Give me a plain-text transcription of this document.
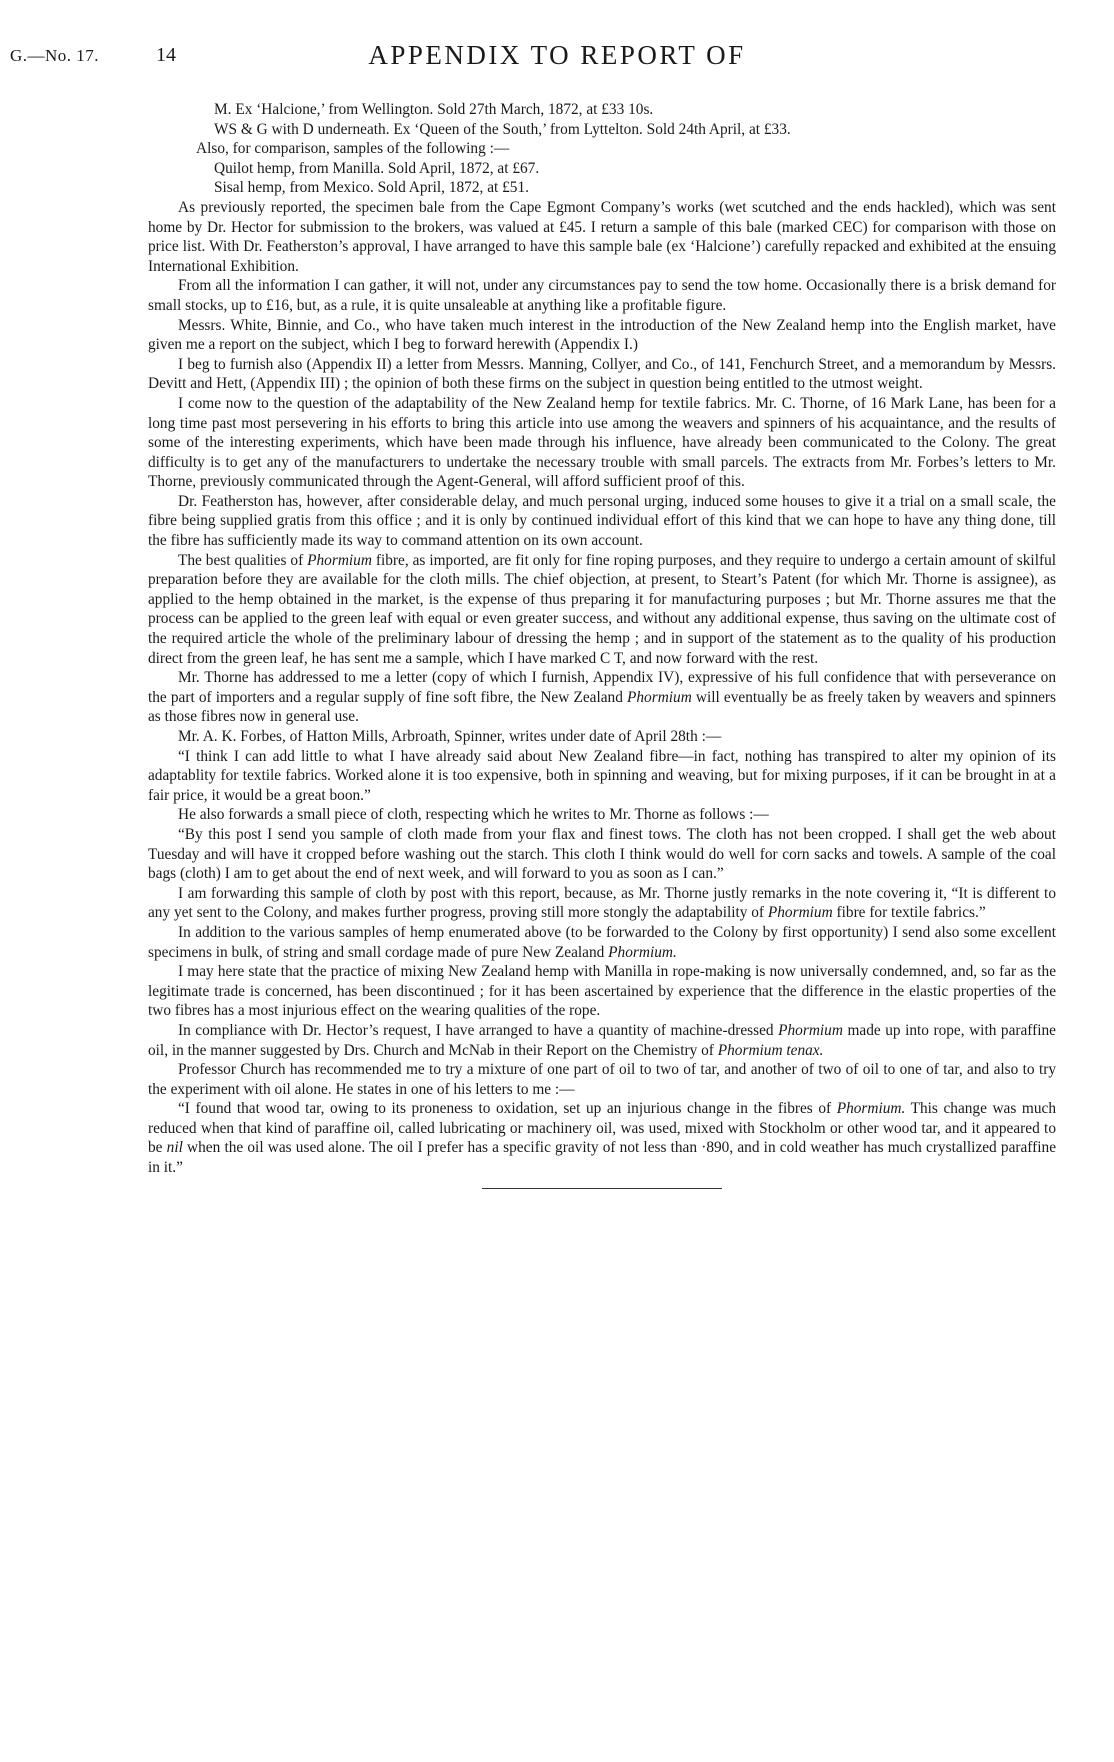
G.—No. 17.	14	APPENDIX TO REPORT OF

M. Ex ‘Halcione,’ from Wellington. Sold 27th March, 1872, at £33 10s.

WS & G with D underneath. Ex ‘Queen of the South,’ from Lyttelton. Sold 24th April, at £33.

Also, for comparison, samples of the following :—

Quilot hemp, from Manilla. Sold April, 1872, at £67.

Sisal hemp, from Mexico. Sold April, 1872, at £51.

As previously reported, the specimen bale from the Cape Egmont Company’s works (wet scutched and the ends hackled), which was sent home by Dr. Hector for submission to the brokers, was valued at £45. I return a sample of this bale (marked CEC) for comparison with those on price list. With Dr. Featherston’s approval, I have arranged to have this sample bale (ex ‘Halcione’) carefully repacked and exhibited at the ensuing International Exhibition.

From all the information I can gather, it will not, under any circumstances pay to send the tow home. Occasionally there is a brisk demand for small stocks, up to £16, but, as a rule, it is quite unsaleable at anything like a profitable figure.

Messrs. White, Binnie, and Co., who have taken much interest in the introduction of the New Zealand hemp into the English market, have given me a report on the subject, which I beg to forward herewith (Appendix I.)

I beg to furnish also (Appendix II) a letter from Messrs. Manning, Collyer, and Co., of 141, Fenchurch Street, and a memorandum by Messrs. Devitt and Hett, (Appendix III) ; the opinion of both these firms on the subject in question being entitled to the utmost weight.

I come now to the question of the adaptability of the New Zealand hemp for textile fabrics. Mr. C. Thorne, of 16 Mark Lane, has been for a long time past most persevering in his efforts to bring this article into use among the weavers and spinners of his acquaintance, and the results of some of the interesting experiments, which have been made through his influence, have already been communicated to the Colony. The great difficulty is to get any of the manufacturers to undertake the necessary trouble with small parcels. The extracts from Mr. Forbes’s letters to Mr. Thorne, previously communicated through the Agent-General, will afford sufficient proof of this.

Dr. Featherston has, however, after considerable delay, and much personal urging, induced some houses to give it a trial on a small scale, the fibre being supplied gratis from this office ; and it is only by continued individual effort of this kind that we can hope to have any thing done, till the fibre has sufficiently made its way to command attention on its own account.

The best qualities of Phormium fibre, as imported, are fit only for fine roping purposes, and they require to undergo a certain amount of skilful preparation before they are available for the cloth mills. The chief objection, at present, to Steart’s Patent (for which Mr. Thorne is assignee), as applied to the hemp obtained in the market, is the expense of thus preparing it for manufacturing purposes ; but Mr. Thorne assures me that the process can be applied to the green leaf with equal or even greater success, and without any additional expense, thus saving on the ultimate cost of the required article the whole of the preliminary labour of dressing the hemp ; and in support of the statement as to the quality of his production direct from the green leaf, he has sent me a sample, which I have marked C T, and now forward with the rest.

Mr. Thorne has addressed to me a letter (copy of which I furnish, Appendix IV), expressive of his full confidence that with perseverance on the part of importers and a regular supply of fine soft fibre, the New Zealand Phormium will eventually be as freely taken by weavers and spinners as those fibres now in general use.

Mr. A. K. Forbes, of Hatton Mills, Arbroath, Spinner, writes under date of April 28th :—

“I think I can add little to what I have already said about New Zealand fibre—in fact, nothing has transpired to alter my opinion of its adaptablity for textile fabrics. Worked alone it is too expensive, both in spinning and weaving, but for mixing purposes, if it can be brought in at a fair price, it would be a great boon.”

He also forwards a small piece of cloth, respecting which he writes to Mr. Thorne as follows :—

“By this post I send you sample of cloth made from your flax and finest tows. The cloth has not been cropped. I shall get the web about Tuesday and will have it cropped before washing out the starch. This cloth I think would do well for corn sacks and towels. A sample of the coal bags (cloth) I am to get about the end of next week, and will forward to you as soon as I can.”

I am forwarding this sample of cloth by post with this report, because, as Mr. Thorne justly remarks in the note covering it, “It is different to any yet sent to the Colony, and makes further progress, proving still more stongly the adaptability of Phormium fibre for textile fabrics.”

In addition to the various samples of hemp enumerated above (to be forwarded to the Colony by first opportunity) I send also some excellent specimens in bulk, of string and small cordage made of pure New Zealand Phormium.

I may here state that the practice of mixing New Zealand hemp with Manilla in rope-making is now universally condemned, and, so far as the legitimate trade is concerned, has been discontinued ; for it has been ascertained by experience that the difference in the elastic properties of the two fibres has a most injurious effect on the wearing qualities of the rope.

In compliance with Dr. Hector’s request, I have arranged to have a quantity of machine-dressed Phormium made up into rope, with paraffine oil, in the manner suggested by Drs. Church and McNab in their Report on the Chemistry of Phormium tenax.

Professor Church has recommended me to try a mixture of one part of oil to two of tar, and another of two of oil to one of tar, and also to try the experiment with oil alone. He states in one of his letters to me :—

“I found that wood tar, owing to its proneness to oxidation, set up an injurious change in the fibres of Phormium. This change was much reduced when that kind of paraffine oil, called lubricating or machinery oil, was used, mixed with Stockholm or other wood tar, and it appeared to be nil when the oil was used alone. The oil I prefer has a specific gravity of not less than ·890, and in cold weather has much crystallized paraffine in it.”
